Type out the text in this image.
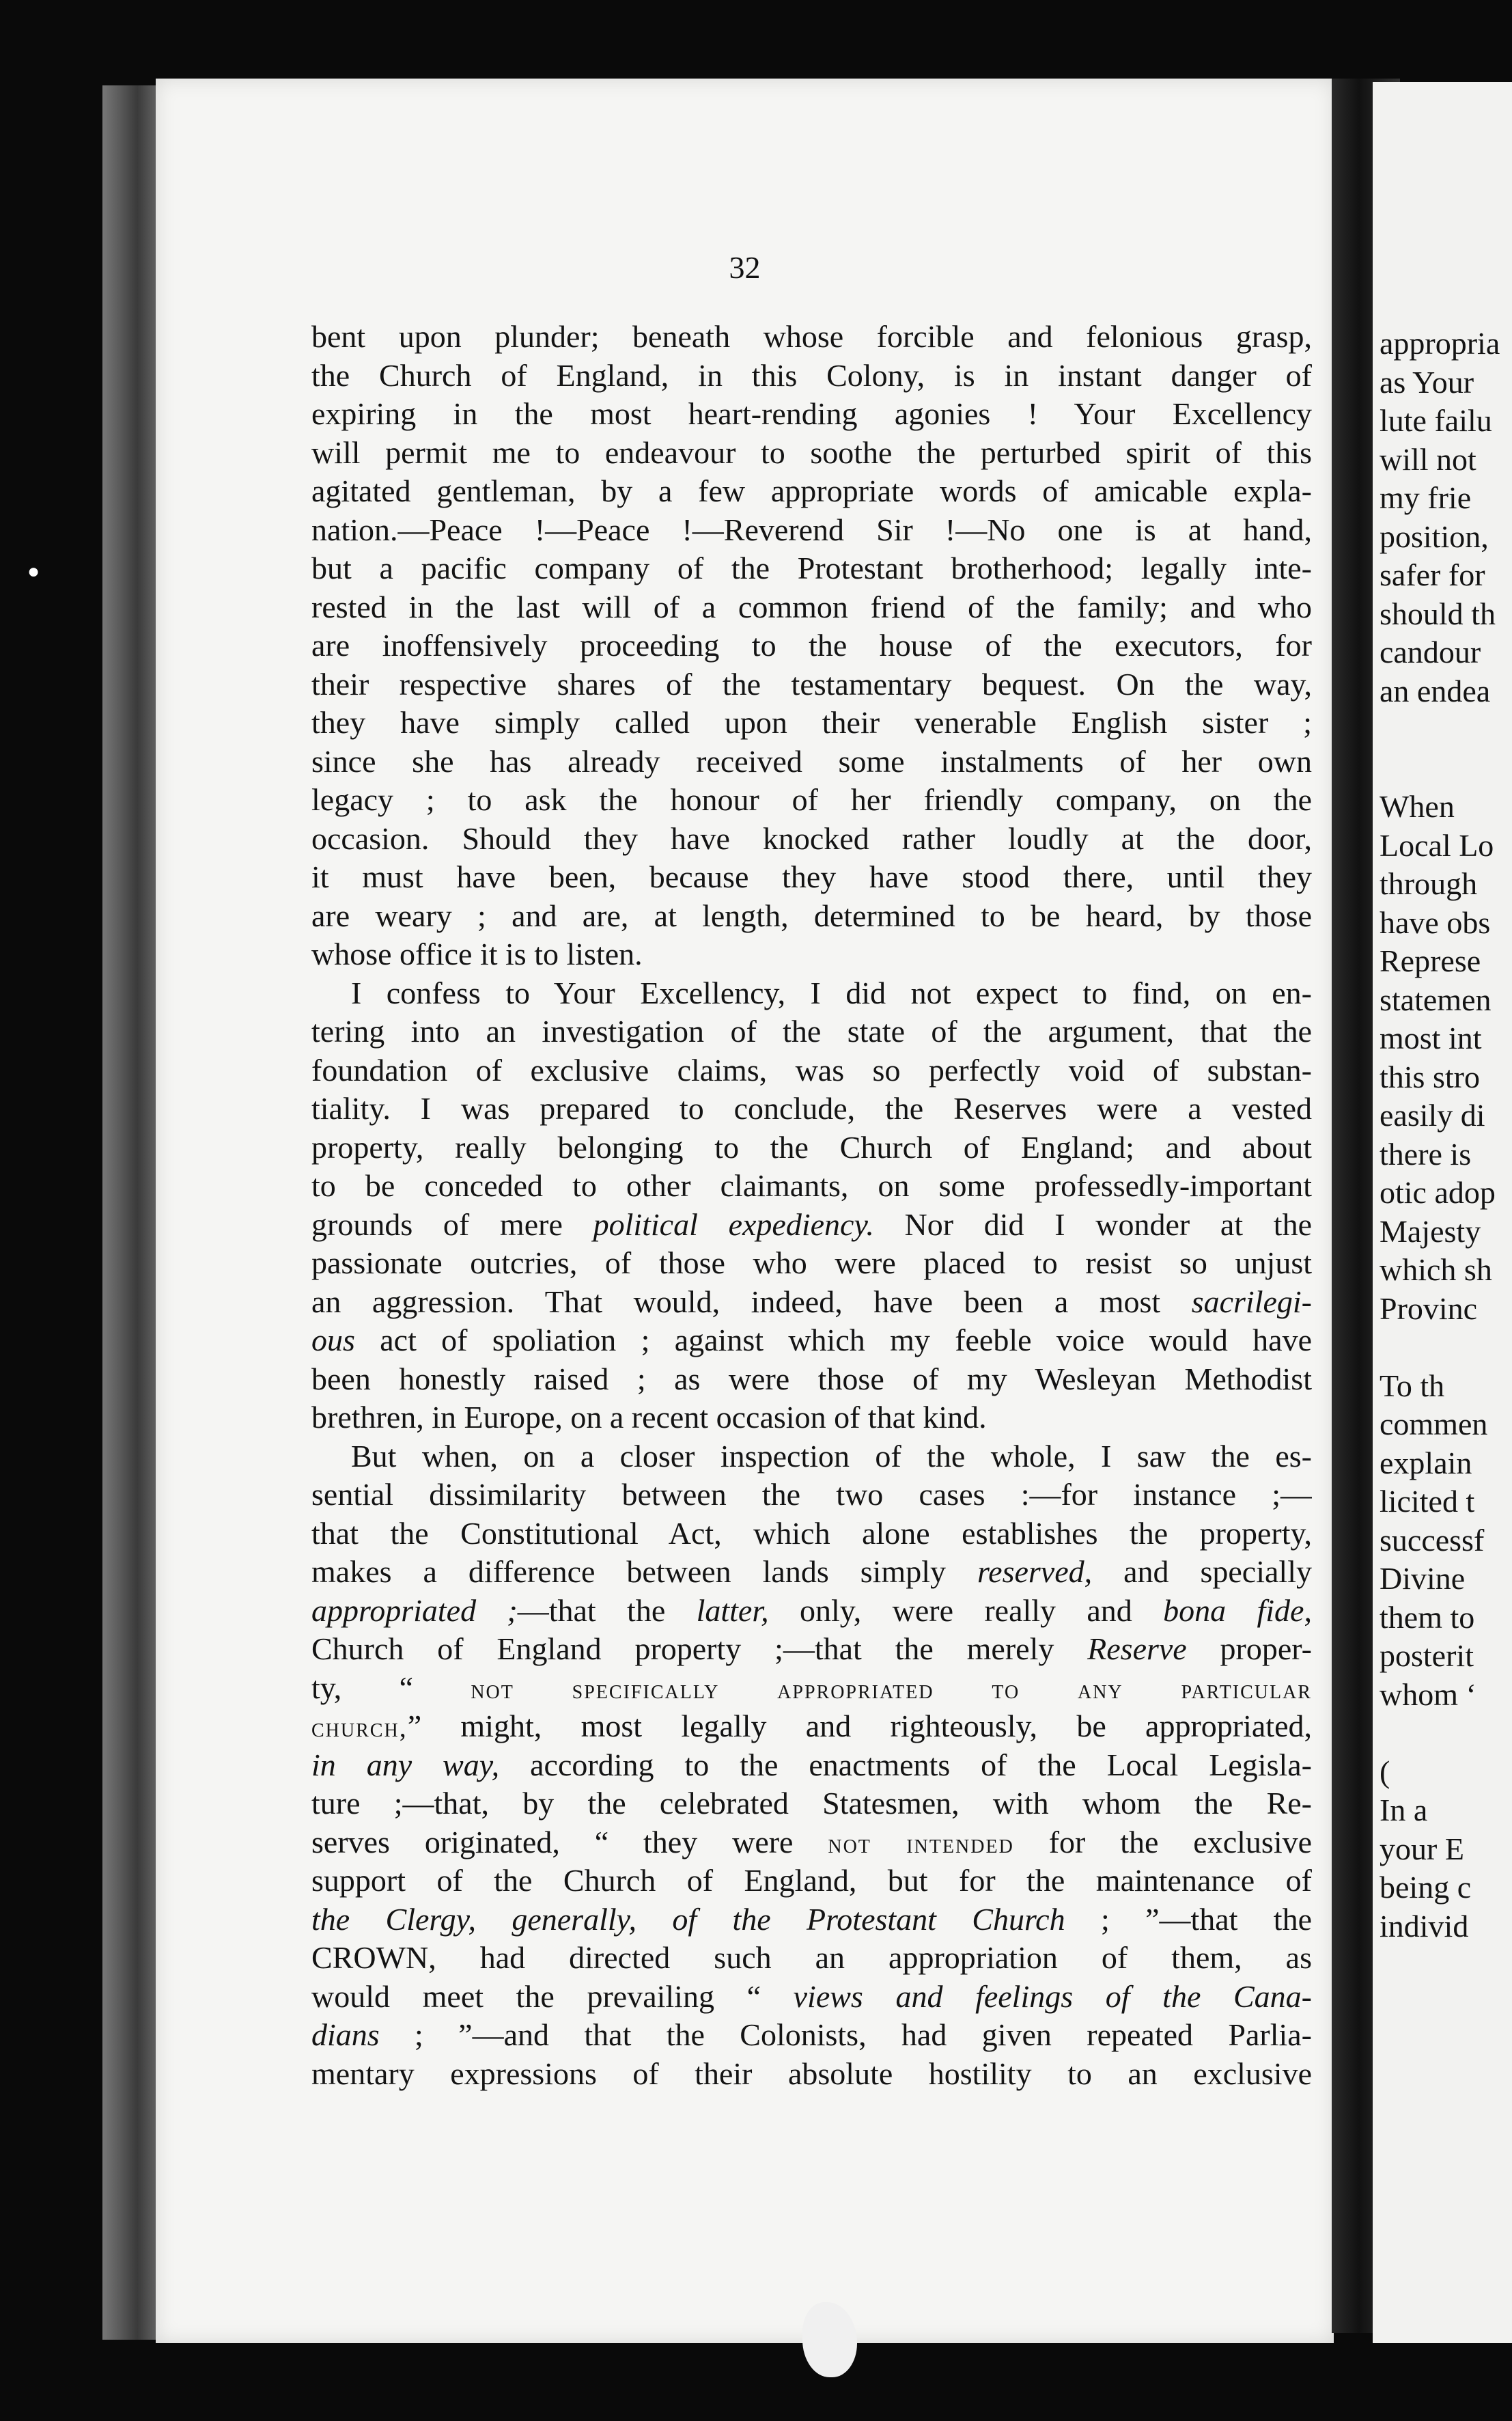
●
32
bent upon plunder; beneath whose forcible and felonious grasp,
the Church of England, in this Colony, is in instant danger of
expiring in the most heart-rending agonies ! Your Excellency
will permit me to endeavour to soothe the perturbed spirit of this
agitated gentleman, by a few appropriate words of amicable expla-
nation.—Peace !—Peace !—Reverend Sir !—No one is at hand,
but a pacific company of the Protestant brotherhood; legally inte-
rested in the last will of a common friend of the family; and who
are inoffensively proceeding to the house of the executors, for
their respective shares of the testamentary bequest. On the way,
they have simply called upon their venerable English sister ;
since she has already received some instalments of her own
legacy ; to ask the honour of her friendly company, on the
occasion. Should they have knocked rather loudly at the door,
it must have been, because they have stood there, until they
are weary ; and are, at length, determined to be heard, by those
whose office it is to listen.
I confess to Your Excellency, I did not expect to find, on en-
tering into an investigation of the state of the argument, that the
foundation of exclusive claims, was so perfectly void of substan-
tiality. I was prepared to conclude, the Reserves were a vested
property, really belonging to the Church of England; and about
to be conceded to other claimants, on some professedly-important
grounds of mere political expediency. Nor did I wonder at the
passionate outcries, of those who were placed to resist so unjust
an aggression. That would, indeed, have been a most sacrilegi-
ous act of spoliation ; against which my feeble voice would have
been honestly raised ; as were those of my Wesleyan Methodist
brethren, in Europe, on a recent occasion of that kind.
But when, on a closer inspection of the whole, I saw the es-
sential dissimilarity between the two cases :—for instance ;—
that the Constitutional Act, which alone establishes the property,
makes a difference between lands simply reserved, and specially
appropriated ;—that the latter, only, were really and bona fide,
Church of England property ;—that the merely Reserve proper-
ty, “ not specifically appropriated to any particular
church,” might, most legally and righteously, be appropriated,
in any way, according to the enactments of the Local Legisla-
ture ;—that, by the celebrated Statesmen, with whom the Re-
serves originated, “ they were not intended for the exclusive
support of the Church of England, but for the maintenance of
the Clergy, generally, of the Protestant Church ; ”—that the
CROWN, had directed such an appropriation of them, as
would meet the prevailing “ views and feelings of the Cana-
dians ; ”—and that the Colonists, had given repeated Parlia-
mentary expressions of their absolute hostility to an exclusive
appropria
as Your
lute failu
will not
my frie
position,
safer for
should th
candour
an endea
When
Local Lo
through
have obs
Represe
statemen
most int
this stro
easily di
there is
otic adop
Majesty
which sh
Provinc
To th
commen
explain
licited t
successf
Divine
them to
posterit
whom ‘
(
In a
your E
being c
individ
